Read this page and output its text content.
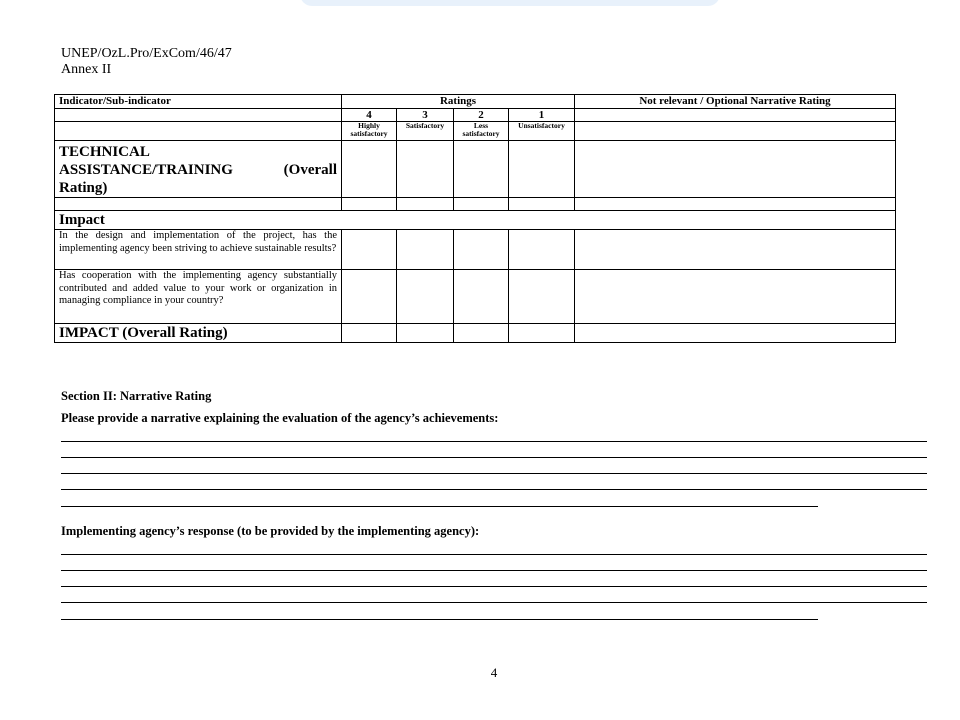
UNEP/OzL.Pro/ExCom/46/47
Annex II
Indicator/Sub-indicator	Ratings				Not relevant / Optional Narrative Rating
	4	3	2	1	
	Highly satisfactory	Satisfactory	Less satisfactory	Unsatisfactory	

TECHNICAL
ASSISTANCE/TRAINING (Overall
Rating)					

Impact					
In the design and implementation of the project, has the implementing agency been striving to achieve sustainable results?					
Has cooperation with the implementing agency substantially contributed and added value to your work or organization in managing compliance in your country?					
IMPACT (Overall Rating)					
Section II: Narrative Rating
Please provide a narrative explaining the evaluation of the agency’s achievements:
Implementing agency’s response (to be provided by the implementing agency):
4
